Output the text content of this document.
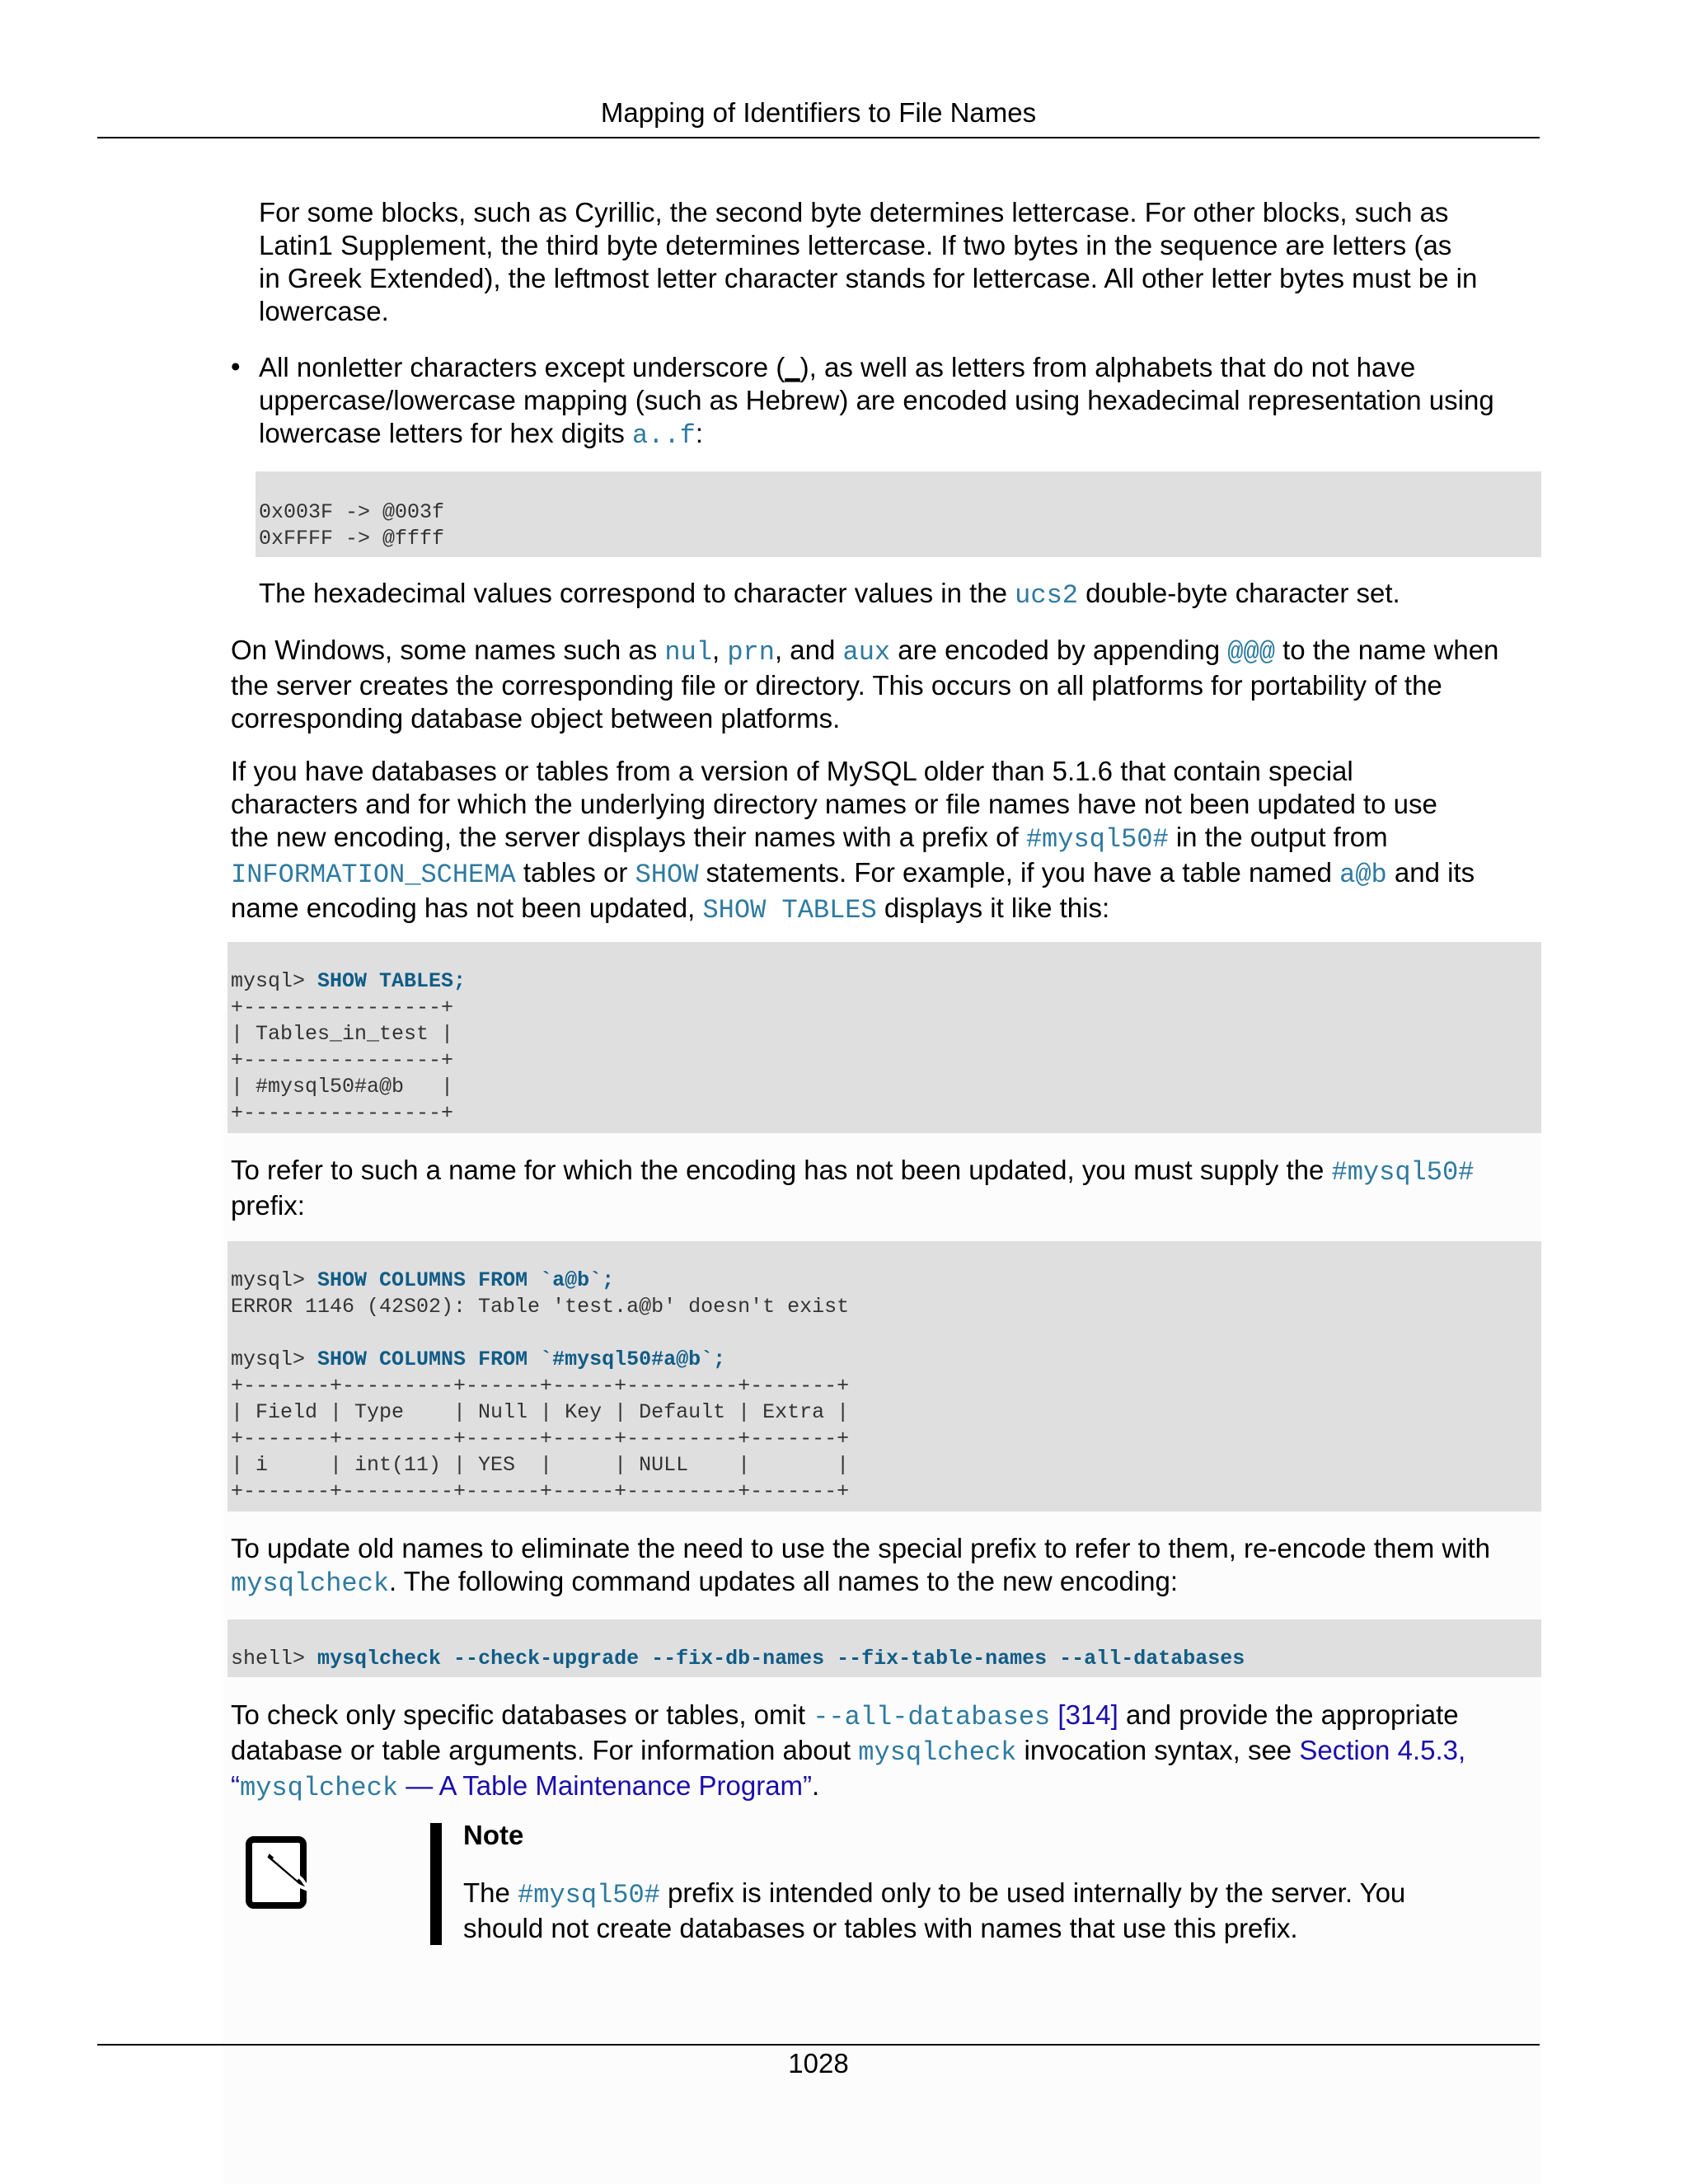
Mapping of Identifiers to File Names

For some blocks, such as Cyrillic, the second byte determines lettercase. For other blocks, such as

Latin1 Supplement, the third byte determines lettercase. If two bytes in the sequence are letters (as

in Greek Extended), the leftmost letter character stands for lettercase. All other letter bytes must be in

lowercase.

• All nonletter characters except underscore (_), as well as letters from alphabets that do not have

uppercase/lowercase mapping (such as Hebrew) are encoded using hexadecimal representation using

lowercase letters for hex digits a..f:

0x003F -> @003f
0xFFFF -> @ffff

The hexadecimal values correspond to character values in the ucs2 double-byte character set.

On Windows, some names such as nul, prn, and aux are encoded by appending @@@ to the name when

the server creates the corresponding file or directory. This occurs on all platforms for portability of the

corresponding database object between platforms.

If you have databases or tables from a version of MySQL older than 5.1.6 that contain special

characters and for which the underlying directory names or file names have not been updated to use

the new encoding, the server displays their names with a prefix of #mysql50# in the output from

INFORMATION_SCHEMA tables or SHOW statements. For example, if you have a table named a@b and its

name encoding has not been updated, SHOW TABLES displays it like this:

mysql> SHOW TABLES;
+----------------+
| Tables_in_test |
+----------------+
| #mysql50#a@b   |
+----------------+

To refer to such a name for which the encoding has not been updated, you must supply the #mysql50#

prefix:

mysql> SHOW COLUMNS FROM `a@b`;
ERROR 1146 (42S02): Table 'test.a@b' doesn't exist

mysql> SHOW COLUMNS FROM `#mysql50#a@b`;
+-------+---------+------+-----+---------+-------+
| Field | Type    | Null | Key | Default | Extra |
+-------+---------+------+-----+---------+-------+
| i     | int(11) | YES  |     | NULL    |       |
+-------+---------+------+-----+---------+-------+

To update old names to eliminate the need to use the special prefix to refer to them, re-encode them with

mysqlcheck. The following command updates all names to the new encoding:

shell> mysqlcheck --check-upgrade --fix-db-names --fix-table-names --all-databases

To check only specific databases or tables, omit --all-databases [314] and provide the appropriate

database or table arguments. For information about mysqlcheck invocation syntax, see Section 4.5.3,

“mysqlcheck — A Table Maintenance Program”.

Note

The #mysql50# prefix is intended only to be used internally by the server. You

should not create databases or tables with names that use this prefix.

1028
